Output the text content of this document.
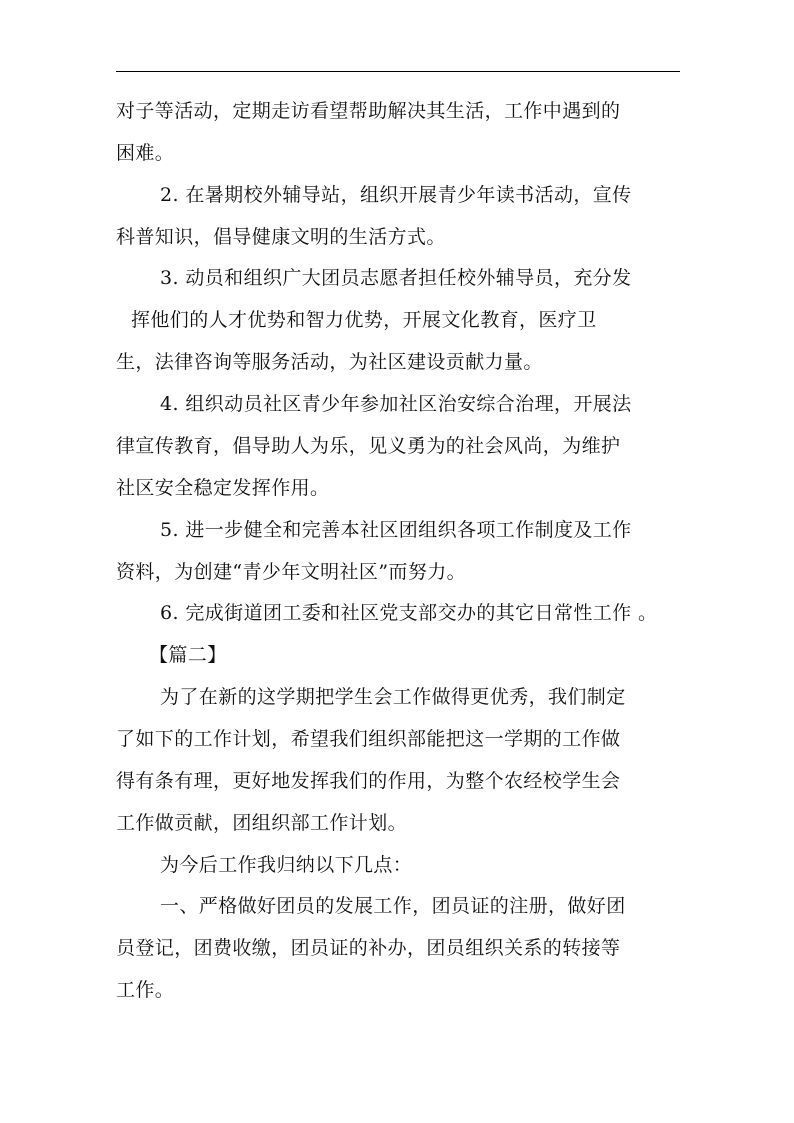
对子等活动，定期走访看望帮助解决其生活，工作中遇到的

困难。

2. 在暑期校外辅导站，组织开展青少年读书活动，宣传

科普知识，倡导健康文明的生活方式。

3. 动员和组织广大团员志愿者担任校外辅导员，充分发

挥他们的人才优势和智力优势，开展文化教育，医疗卫

生，法律咨询等服务活动，为社区建设贡献力量。

4. 组织动员社区青少年参加社区治安综合治理，开展法

律宣传教育，倡导助人为乐，见义勇为的社会风尚，为维护

社区安全稳定发挥作用。

5. 进一步健全和完善本社区团组织各项工作制度及工作

资料，为创建“青少年文明社区”而努力。

6. 完成街道团工委和社区党支部交办的其它日常性工作 。

【篇二】

为了在新的这学期把学生会工作做得更优秀，我们制定

了如下的工作计划，希望我们组织部能把这一学期的工作做

得有条有理，更好地发挥我们的作用，为整个农经校学生会

工作做贡献，团组织部工作计划。

为今后工作我归纳以下几点：

一、严格做好团员的发展工作，团员证的注册，做好团

员登记，团费收缴，团员证的补办，团员组织关系的转接等

工作。
